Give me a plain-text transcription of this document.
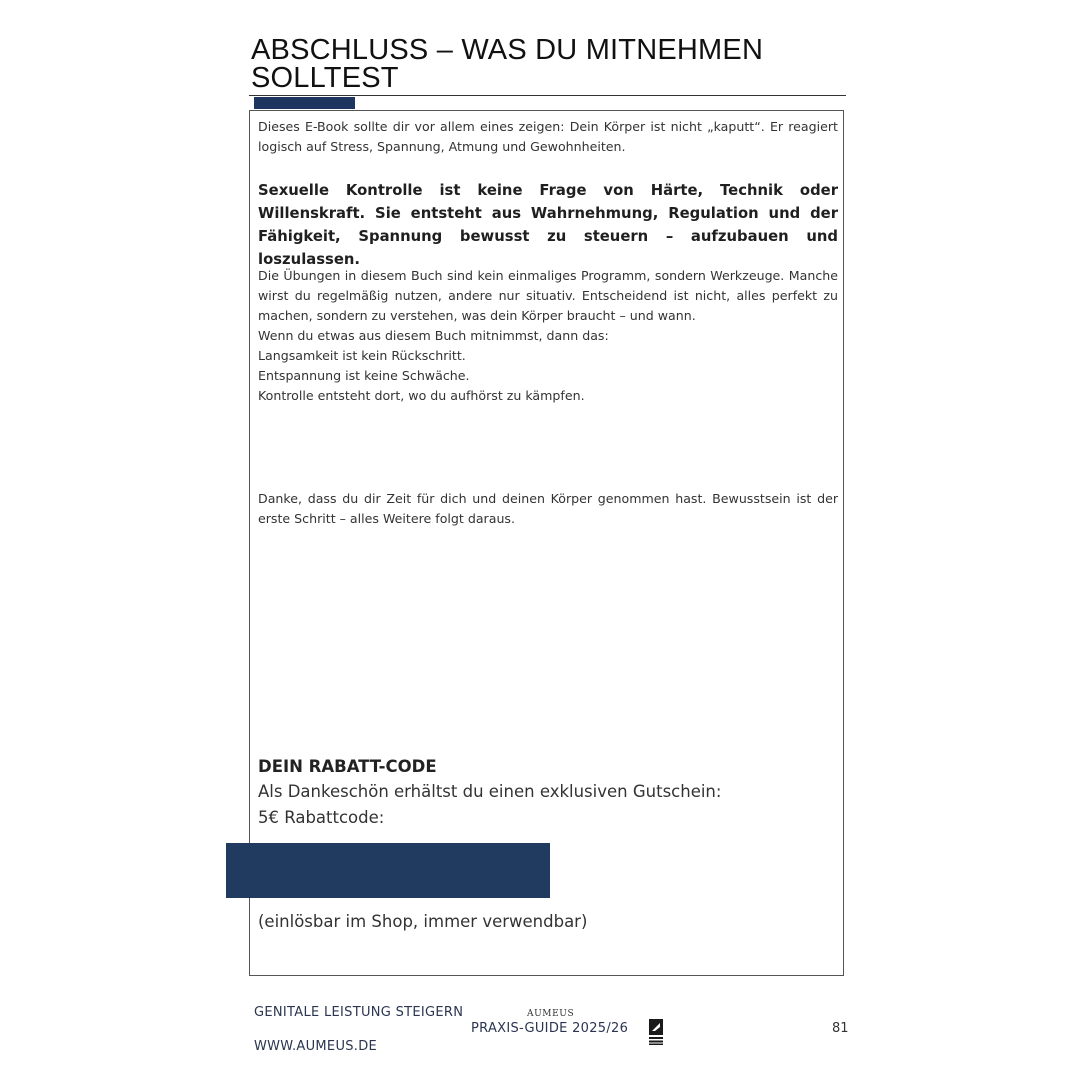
ABSCHLUSS – WAS DU MITNEHMEN SOLLTEST

Dieses E-Book sollte dir vor allem eines zeigen: Dein Körper ist nicht „kaputt“. Er reagiert logisch auf Stress, Spannung, Atmung und Gewohnheiten.

Sexuelle Kontrolle ist keine Frage von Härte, Technik oder Willenskraft. Sie entsteht aus Wahrnehmung, Regulation und der Fähigkeit, Spannung bewusst zu steuern – aufzubauen und loszulassen.

Die Übungen in diesem Buch sind kein einmaliges Programm, sondern Werkzeuge. Manche wirst du regelmäßig nutzen, andere nur situativ. Entscheidend ist nicht, alles perfekt zu machen, sondern zu verstehen, was dein Körper braucht – und wann.
Wenn du etwas aus diesem Buch mitnimmst, dann das:
Langsamkeit ist kein Rückschritt.
Entspannung ist keine Schwäche.
Kontrolle entsteht dort, wo du aufhörst zu kämpfen.

Danke, dass du dir Zeit für dich und deinen Körper genommen hast. Bewusstsein ist der erste Schritt – alles Weitere folgt daraus.

DEIN RABATT-CODE

Als Dankeschön erhältst du einen exklusiven Gutschein:

5€ Rabattcode:

(einlösbar im Shop, immer verwendbar)

GENITALE LEISTUNG STEIGERN
WWW.AUMEUS.DE
AUMEUS
PRAXIS-GUIDE 2025/26	81
